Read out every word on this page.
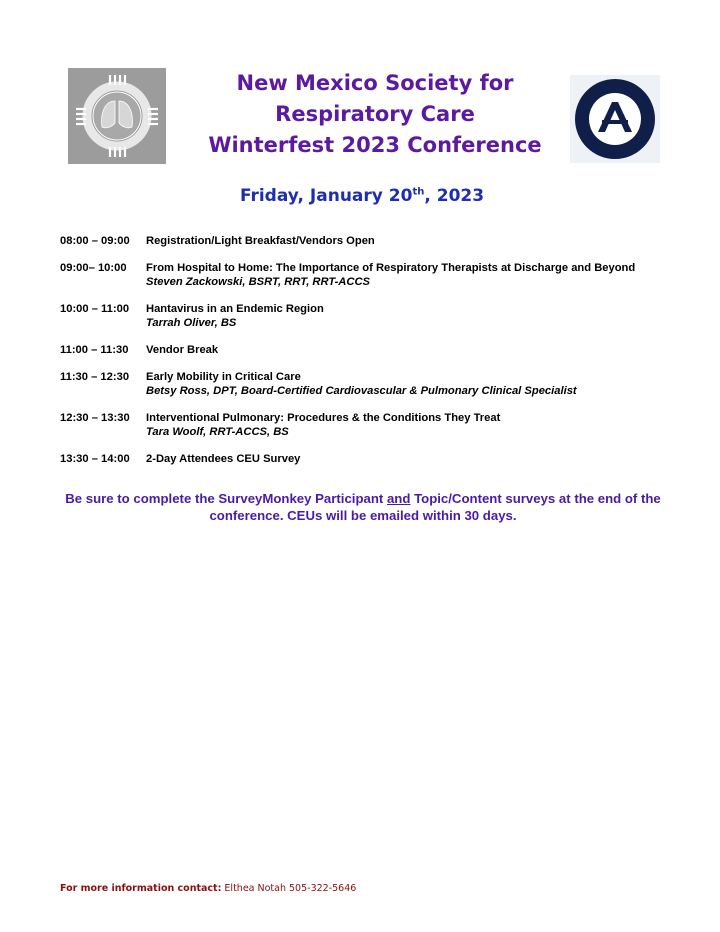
New Mexico Society for
Respiratory Care
Winterfest 2023 Conference
Friday, January 20th, 2023
08:00 – 09:00	Registration/Light Breakfast/Vendors Open
09:00– 10:00	From Hospital to Home: The Importance of Respiratory Therapists at Discharge and Beyond
Steven Zackowski, BSRT, RRT, RRT-ACCS
10:00 – 11:00	Hantavirus in an Endemic Region
Tarrah Oliver, BS
11:00 – 11:30	Vendor Break
11:30 – 12:30	Early Mobility in Critical Care
Betsy Ross, DPT, Board-Certified Cardiovascular & Pulmonary Clinical Specialist
12:30 – 13:30	Interventional Pulmonary: Procedures & the Conditions They Treat
Tara Woolf, RRT-ACCS, BS
13:30 – 14:00	2-Day Attendees CEU Survey
Be sure to complete the SurveyMonkey Participant and Topic/Content surveys at the end of the conference. CEUs will be emailed within 30 days.
For more information contact: Elthea Notah 505-322-5646
